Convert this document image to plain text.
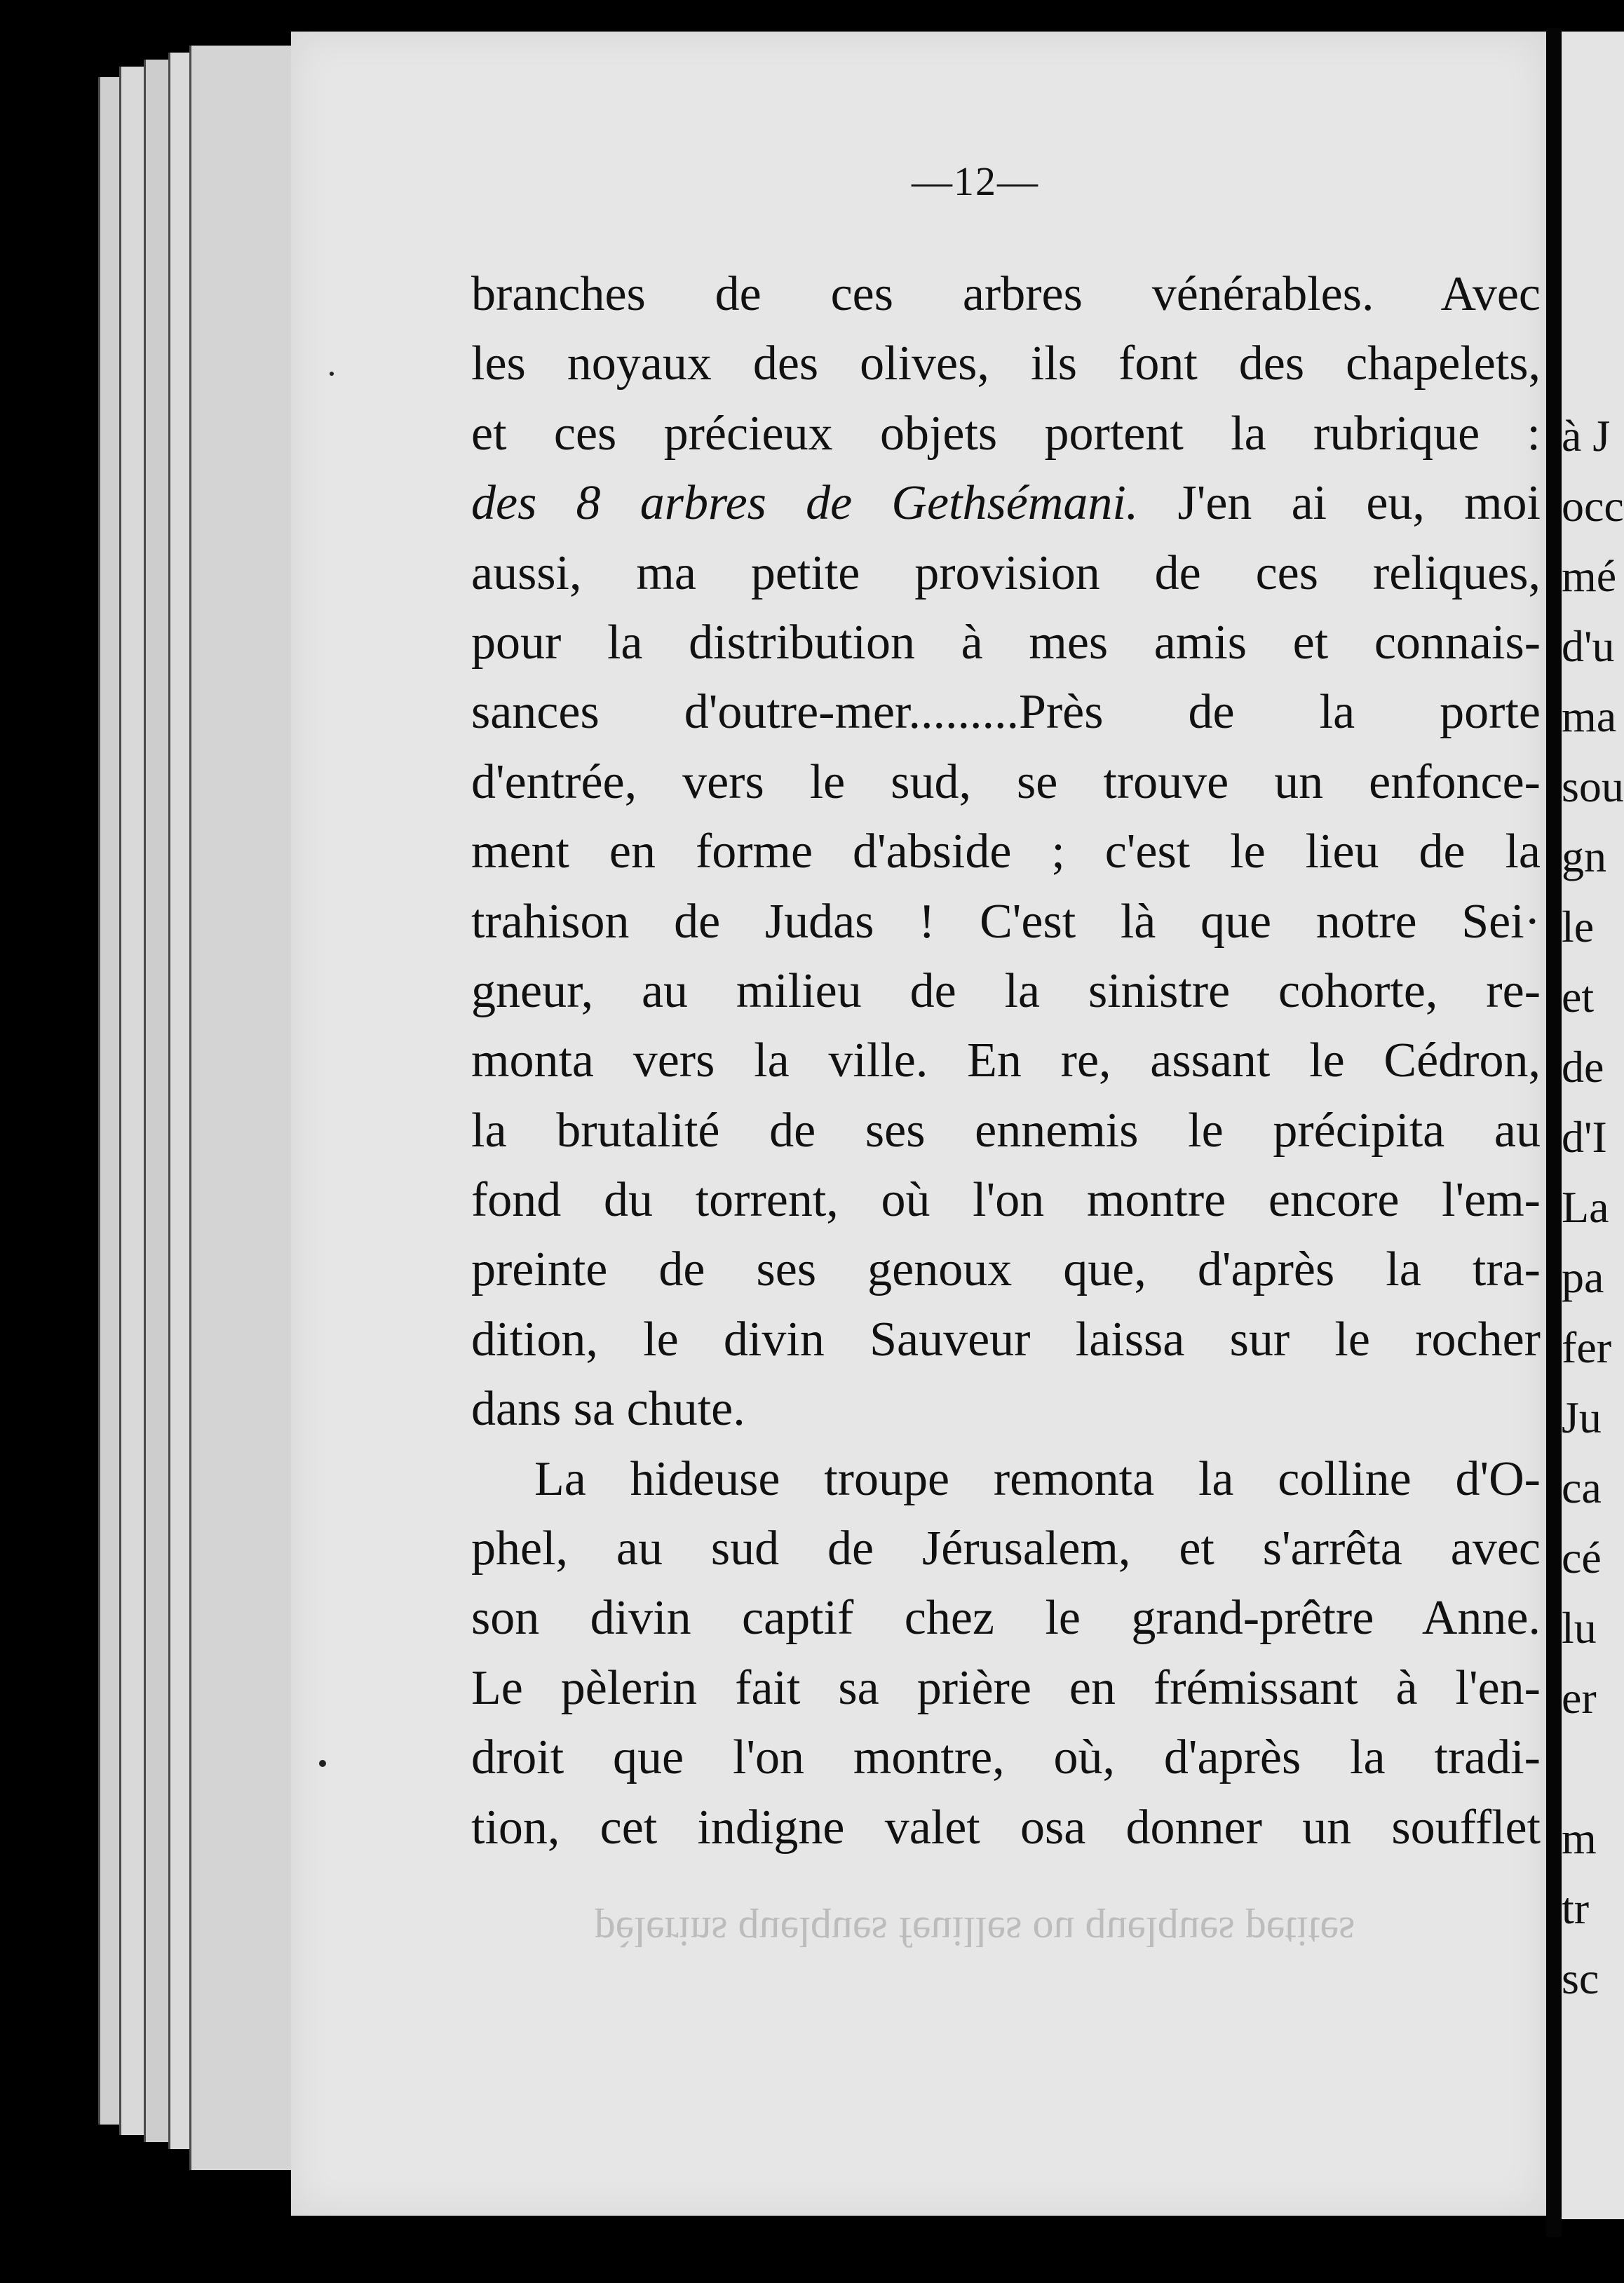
pèlerins quelques feuilles ou quelques petites
—12—
branches de ces arbres vénérables. Avec
les noyaux des olives, ils font des chapelets,
et ces précieux objets portent la rubrique :
des 8 arbres de Gethsémani. J'en ai eu, moi
aussi, ma petite provision de ces reliques,
pour la distribution à mes amis et connais-
sances d'outre-mer.........Près de la porte
d'entrée, vers le sud, se trouve un enfonce-
ment en forme d'abside ; c'est le lieu de la
trahison de Judas ! C'est là que notre Sei·
gneur, au milieu de la sinistre cohorte, re-
monta vers la ville. En re, assant le Cédron,
la brutalité de ses ennemis le précipita au
fond du torrent, où l'on montre encore l'em-
preinte de ses genoux que, d'après la tra-
dition, le divin Sauveur laissa sur le rocher
dans sa chute.
La hideuse troupe remonta la colline d'O-
phel, au sud de Jérusalem, et s'arrêta avec
son divin captif chez le grand-prêtre Anne.
Le pèlerin fait sa prière en frémissant à l'en-
droit que l'on montre, où, d'après la tradi-
tion, cet indigne valet osa donner un soufflet
à J
occ
mé
d'u
ma
sou
gn
le
et
de
d'I
La
pa
fer
Ju
ca
cé
lu
er
m
tr
sc
